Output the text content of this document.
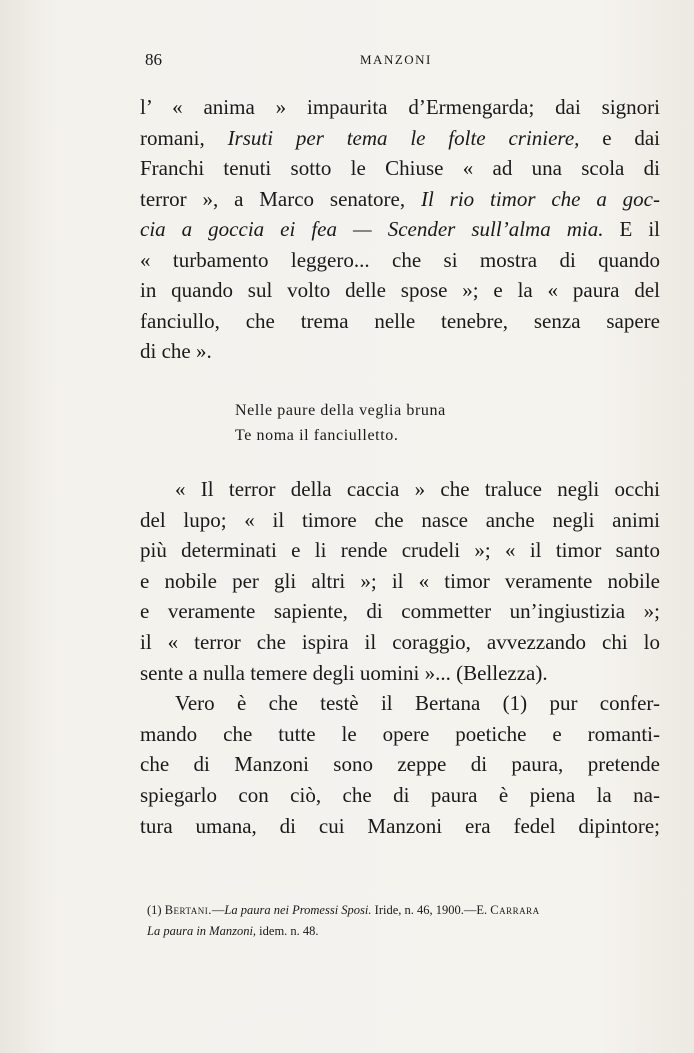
86	MANZONI
l’ « anima » impaurita d’Ermengarda; dai signori
romani, Irsuti per tema le folte criniere, e dai
Franchi tenuti sotto le Chiuse « ad una scola di
terror », a Marco senatore, Il rio timor che a goc-
cia a goccia ei fea — Scender sull’alma mia. E il
« turbamento leggero... che si mostra di quando
in quando sul volto delle spose »; e la « paura del
fanciullo, che trema nelle tenebre, senza sapere
di che ».
Nelle paure della veglia bruna
Te noma il fanciulletto.
« Il terror della caccia » che traluce negli occhi
del lupo; « il timore che nasce anche negli animi
più determinati e li rende crudeli »; « il timor santo
e nobile per gli altri »; il « timor veramente nobile
e veramente sapiente, di commetter un’ingiustizia »;
il « terror che ispira il coraggio, avvezzando chi lo
sente a nulla temere degli uomini »... (Bellezza).
Vero è che testè il Bertana (1) pur confer-
mando che tutte le opere poetiche e romanti-
che di Manzoni sono zeppe di paura, pretende
spiegarlo con ciò, che di paura è piena la na-
tura umana, di cui Manzoni era fedel dipintore;
(1) Bertani.—La paura nei Promessi Sposi. Iride, n. 46, 1900.—E. Carrara
La paura in Manzoni, idem. n. 48.
